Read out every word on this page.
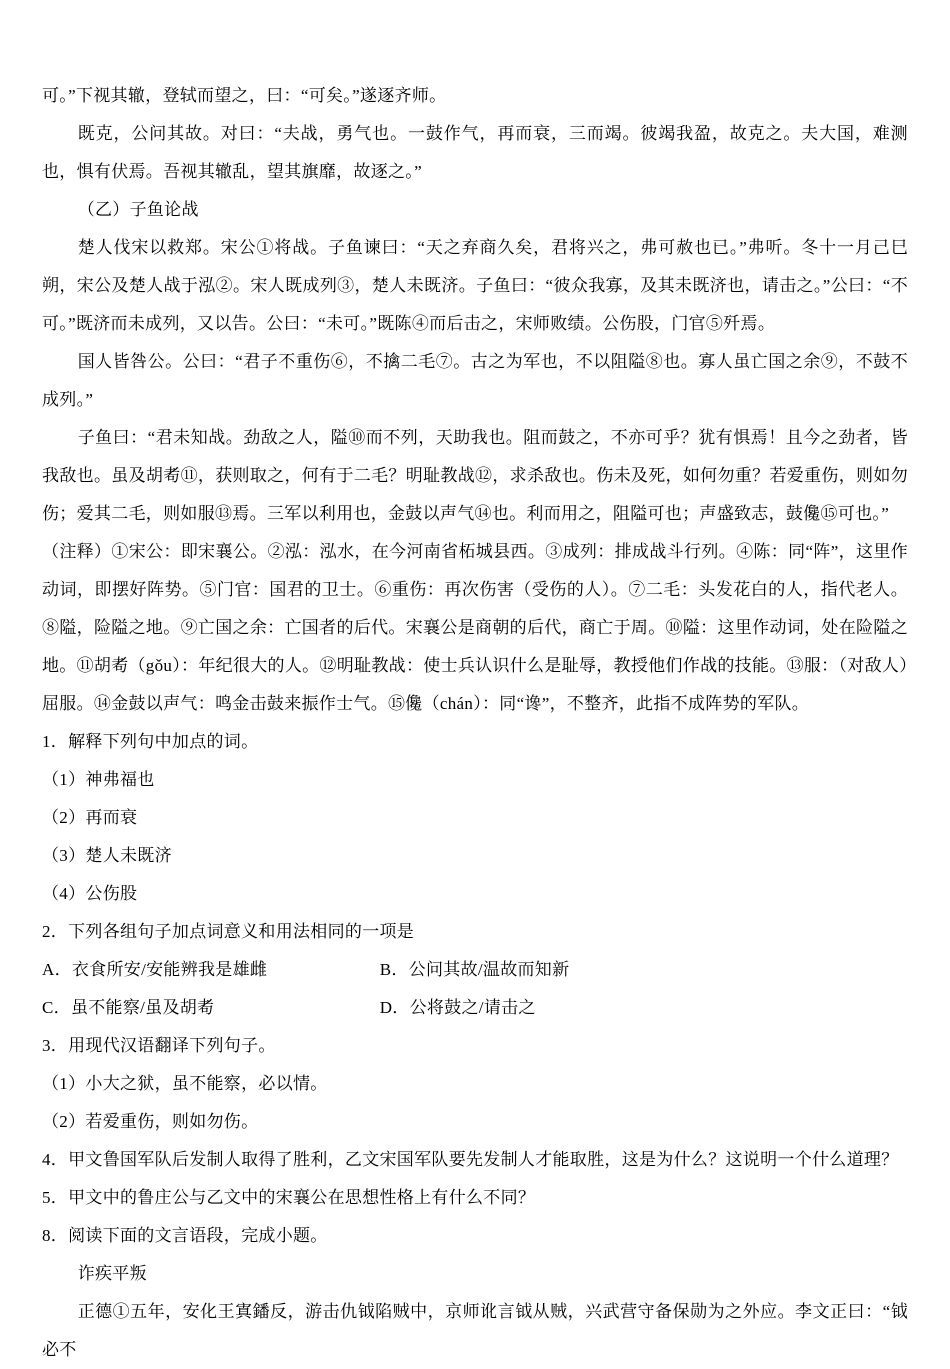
可。”下视其辙，登轼而望之，曰：“可矣。”遂逐齐师。

既克，公问其故。对曰：“夫战，勇气也。一鼓作气，再而衰，三而竭。彼竭我盈，故克之。夫大国，难测也，惧有伏焉。吾视其辙乱，望其旗靡，故逐之。”

（乙）子鱼论战

楚人伐宋以救郑。宋公①将战。子鱼谏曰：“天之弃商久矣，君将兴之，弗可赦也已。”弗听。冬十一月己巳朔，宋公及楚人战于泓②。宋人既成列③，楚人未既济。子鱼曰：“彼众我寡，及其未既济也，请击之。”公曰：“不可。”既济而未成列，又以告。公曰：“未可。”既陈④而后击之，宋师败绩。公伤股，门官⑤歼焉。

国人皆咎公。公曰：“君子不重伤⑥，不擒二毛⑦。古之为军也，不以阻隘⑧也。寡人虽亡国之余⑨，不鼓不成列。”

子鱼曰：“君未知战。劲敌之人，隘⑩而不列，天助我也。阻而鼓之，不亦可乎？犹有惧焉！且今之劲者，皆我敌也。虽及胡耇⑪，获则取之，何有于二毛？明耻教战⑫，求杀敌也。伤未及死，如何勿重？若爱重伤，则如勿伤；爱其二毛，则如服⑬焉。三军以利用也，金鼓以声气⑭也。利而用之，阻隘可也；声盛致志，鼓儳⑮可也。”

（注释）①宋公：即宋襄公。②泓：泓水，在今河南省柘城县西。③成列：排成战斗行列。④陈：同“阵”，这里作动词，即摆好阵势。⑤门官：国君的卫士。⑥重伤：再次伤害（受伤的人）。⑦二毛：头发花白的人，指代老人。⑧隘，险隘之地。⑨亡国之余：亡国者的后代。宋襄公是商朝的后代，商亡于周。⑩隘：这里作动词，处在险隘之地。⑪胡耇（gǒu）：年纪很大的人。⑫明耻教战：使士兵认识什么是耻辱，教授他们作战的技能。⑬服：（对敌人）屈服。⑭金鼓以声气：鸣金击鼓来振作士气。⑮儳（chán）：同“谗”，不整齐，此指不成阵势的军队。

1．解释下列句中加点的词。

（1）神弗福也

（2）再而衰

（3）楚人未既济

（4）公伤股

2．下列各组句子加点词意义和用法相同的一项是

A．衣食所安/安能辨我是雄雌	B．公问其故/温故而知新

C．虽不能察/虽及胡耇	D．公将鼓之/请击之

3．用现代汉语翻译下列句子。

（1）小大之狱，虽不能察，必以情。

（2）若爱重伤，则如勿伤。

4．甲文鲁国军队后发制人取得了胜利，乙文宋国军队要先发制人才能取胜，这是为什么？这说明一个什么道理？

5．甲文中的鲁庄公与乙文中的宋襄公在思想性格上有什么不同？

8．阅读下面的文言语段，完成小题。

诈疾平叛

正德①五年，安化王寘鐇反，游击仇钺陷贼中，京师讹言钺从贼，兴武营守备保勋为之外应。李文正曰：“钺必不
